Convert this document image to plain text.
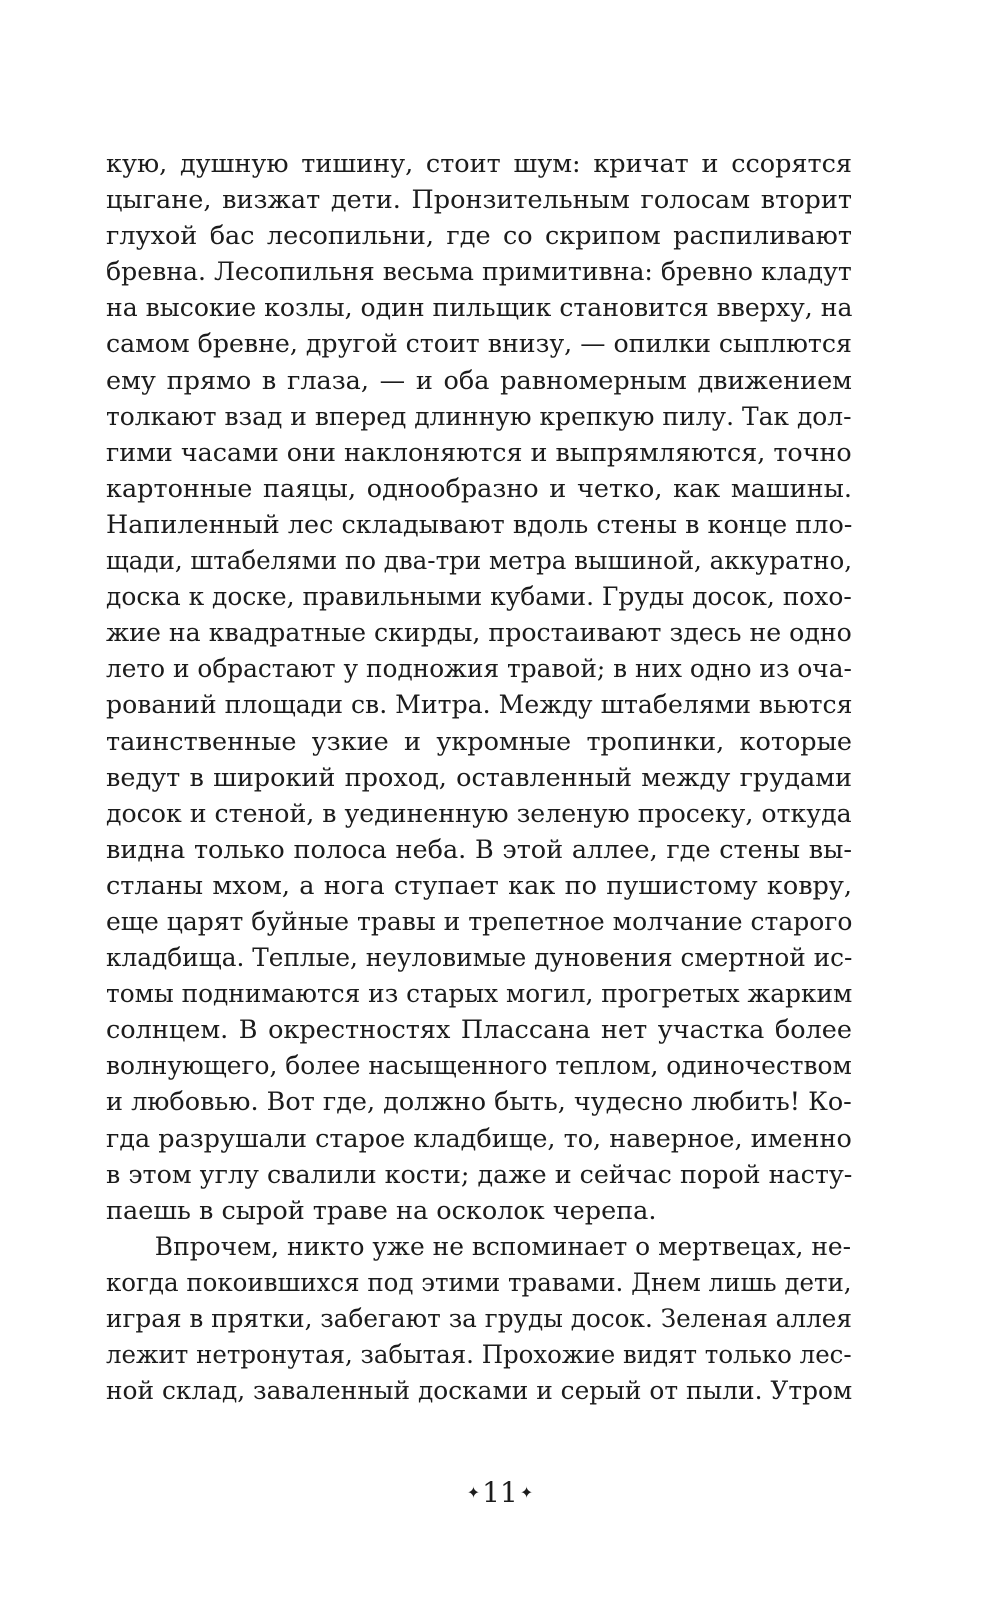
кую, душную тишину, стоит шум: кричат и ссорятся
цыгане, визжат дети. Пронзительным голосам вторит
глухой бас лесопильни, где со скрипом распиливают
бревна. Лесопильня весьма примитивна: бревно кладут
на высокие козлы, один пильщик становится вверху, на
самом бревне, другой стоит внизу, — опилки сыплются
ему прямо в глаза, — и оба равномерным движением
толкают взад и вперед длинную крепкую пилу. Так дол-
гими часами они наклоняются и выпрямляются, точно
картонные паяцы, однообразно и четко, как машины.
Напиленный лес складывают вдоль стены в конце пло-
щади, штабелями по два-три метра вышиной, аккуратно,
доска к доске, правильными кубами. Груды досок, похо-
жие на квадратные скирды, простаивают здесь не одно
лето и обрастают у подножия травой; в них одно из оча-
рований площади св. Митра. Между штабелями вьются
таинственные узкие и укромные тропинки, которые
ведут в широкий проход, оставленный между грудами
досок и стеной, в уединенную зеленую просеку, откуда
видна только полоса неба. В этой аллее, где стены вы-
стланы мхом, а нога ступает как по пушистому ковру,
еще царят буйные травы и трепетное молчание старого
кладбища. Теплые, неуловимые дуновения смертной ис-
томы поднимаются из старых могил, прогретых жарким
солнцем. В окрестностях Плассана нет участка более
волнующего, более насыщенного теплом, одиночеством
и любовью. Вот где, должно быть, чудесно любить! Ко-
гда разрушали старое кладбище, то, наверное, именно
в этом углу свалили кости; даже и сейчас порой насту-
паешь в сырой траве на осколок черепа.
Впрочем, никто уже не вспоминает о мертвецах, не-
когда покоившихся под этими травами. Днем лишь дети,
играя в прятки, забегают за груды досок. Зеленая аллея
лежит нетронутая, забытая. Прохожие видят только лес-
ной склад, заваленный досками и серый от пыли. Утром
✦11 ✦
